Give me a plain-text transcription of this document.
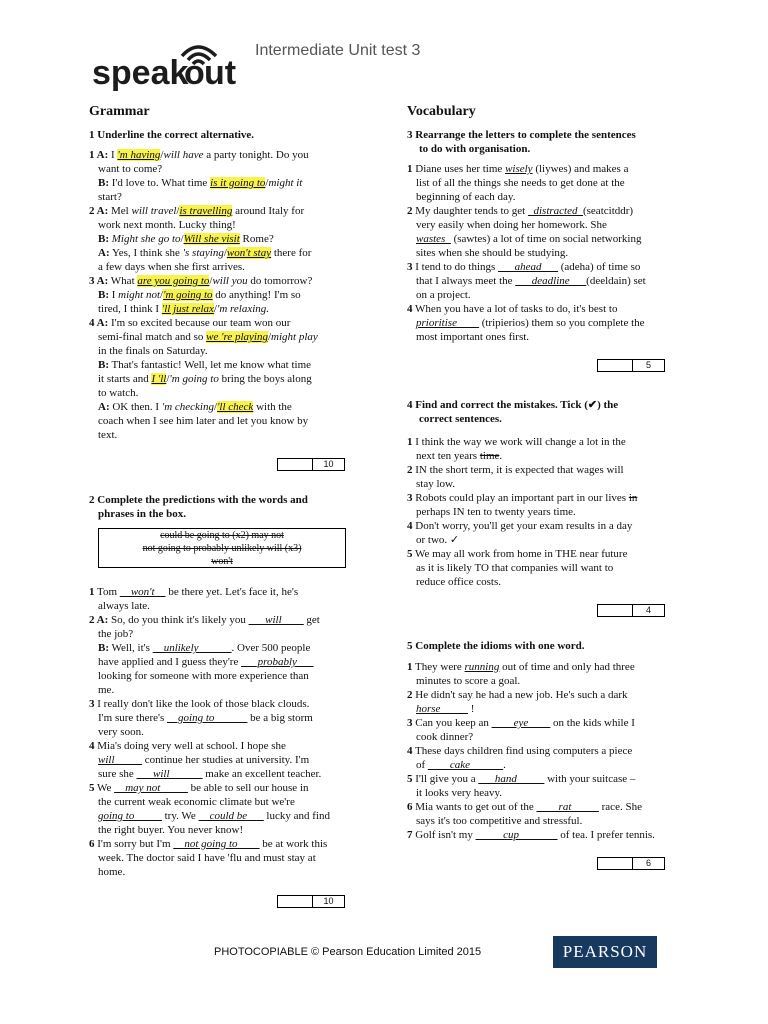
speak
o ut
Intermediate Unit test 3
Grammar
1 Underline the correct alternative.

1 A: I 'm having/will have a party tonight. Do you

want to come?

B: I'd love to. What time is it going to/might it

start?

2 A: Mel will travel/is travelling around Italy for

work next month. Lucky thing!

B: Might she go to/Will she visit Rome?

A: Yes, I think she 's staying/won't stay there for

a few days when she first arrives.

3 A: What are you going to/will you do tomorrow?

B: I might not/'m going to do anything! I'm so

tired, I think I 'll just relax/'m relaxing.

4 A: I'm so excited because our team won our

semi-final match and so we 're playing/might play

in the finals on Saturday.

B: That's fantastic! Well, let me know what time

it starts and I 'll/'m going to bring the boys along

to watch.

A: OK then. I 'm checking/'ll check with the

coach when I see him later and let you know by

text.

10
2 Complete the predictions with the words and
phrases in the box.
could be going to (x2) may not
not going to probably unlikely will (x3)
won't

1 Tom __won't__ be there yet. Let's face it, he's

always late.

2 A: So, do you think it's likely you ___will____ get

the job?

B: Well, it's __unlikely______. Over 500 people

have applied and I guess they're ___probably___

looking for someone with more experience than

me.

3 I really don't like the look of those black clouds.

I'm sure there's __going to______ be a big storm

very soon.

4 Mia's doing very well at school. I hope she

will_____ continue her studies at university. I'm

sure she ___will______ make an excellent teacher.

5 We __may not_____ be able to sell our house in

the current weak economic climate but we're

going to_____ try. We __could be___ lucky and find

the right buyer. You never know!

6 I'm sorry but I'm __not going to____ be at work this

week. The doctor said I have 'flu and must stay at

home.

10
Vocabulary
3 Rearrange the letters to complete the sentences
to do with organisation.

1 Diane uses her time wisely (liywes) and makes a

list of all the things she needs to get done at the

beginning of each day.

2 My daughter tends to get _distracted_(seatcitddr)

very easily when doing her homework. She

wastes_ (sawtes) a lot of time on social networking

sites when she should be studying.

3 I tend to do things ___ahead___ (adeha) of time so

that I always meet the ___deadline___(deeldain) set

on a project.

4 When you have a lot of tasks to do, it's best to

prioritise____ (tripierios) them so you complete the

most important ones first.

5
4 Find and correct the mistakes. Tick (✔) the
correct sentences.

1 I think the way we work will change a lot in the

next ten years time.

2 IN the short term, it is expected that wages will

stay low.

3 Robots could play an important part in our lives in

perhaps IN ten to twenty years time.

4 Don't worry, you'll get your exam results in a day

or two. ✓

5 We may all work from home in THE near future

as it is likely TO that companies will want to

reduce office costs.

4
5 Complete the idioms with one word.

1 They were running out of time and only had three

minutes to score a goal.

2 He didn't say he had a new job. He's such a dark

horse_____ !

3 Can you keep an ____eye____ on the kids while I

cook dinner?

4 These days children find using computers a piece

of ____cake______.

5 I'll give you a ___hand_____ with your suitcase –

it looks very heavy.

6 Mia wants to get out of the ____rat_____ race. She

says it's too competitive and stressful.

7 Golf isn't my _____cup_______ of tea. I prefer tennis.

6
PHOTOCOPIABLE © Pearson Education Limited 2015	PEARSON
